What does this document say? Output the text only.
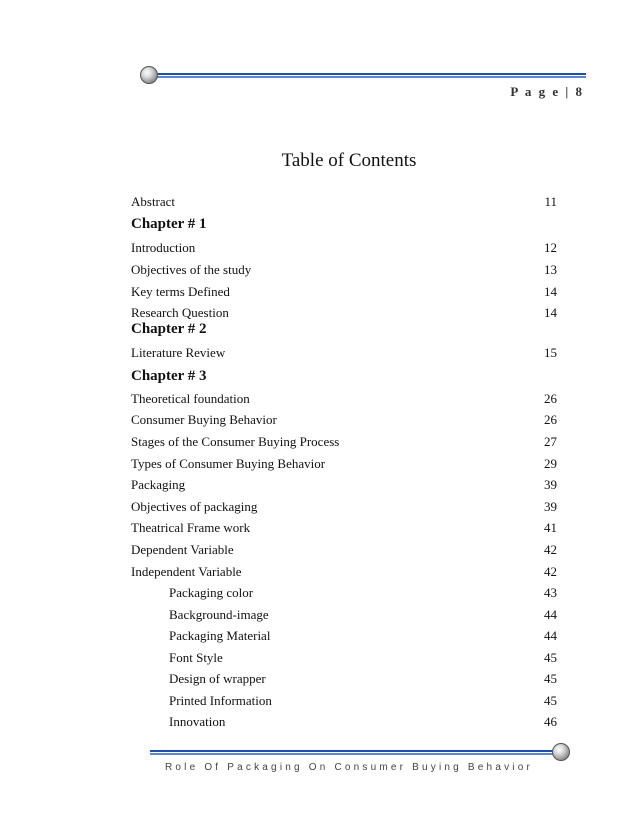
P a g e | 8
Table of Contents
Abstract	11
Chapter # 1
Introduction	12
Objectives of the study	13
Key terms Defined	14
Research Question	14
Chapter # 2
Literature Review	15
Chapter # 3
Theoretical foundation	26
Consumer Buying Behavior	26
Stages of the Consumer Buying Process	27
Types of Consumer Buying Behavior	29
Packaging	39
Objectives of packaging	39
Theatrical Frame work	41
Dependent Variable	42
Independent Variable	42
Packaging color	43
Background-image	44
Packaging Material	44
Font Style	45
Design of wrapper	45
Printed Information	45
Innovation	46
Role Of Packaging On Consumer Buying Behavior
